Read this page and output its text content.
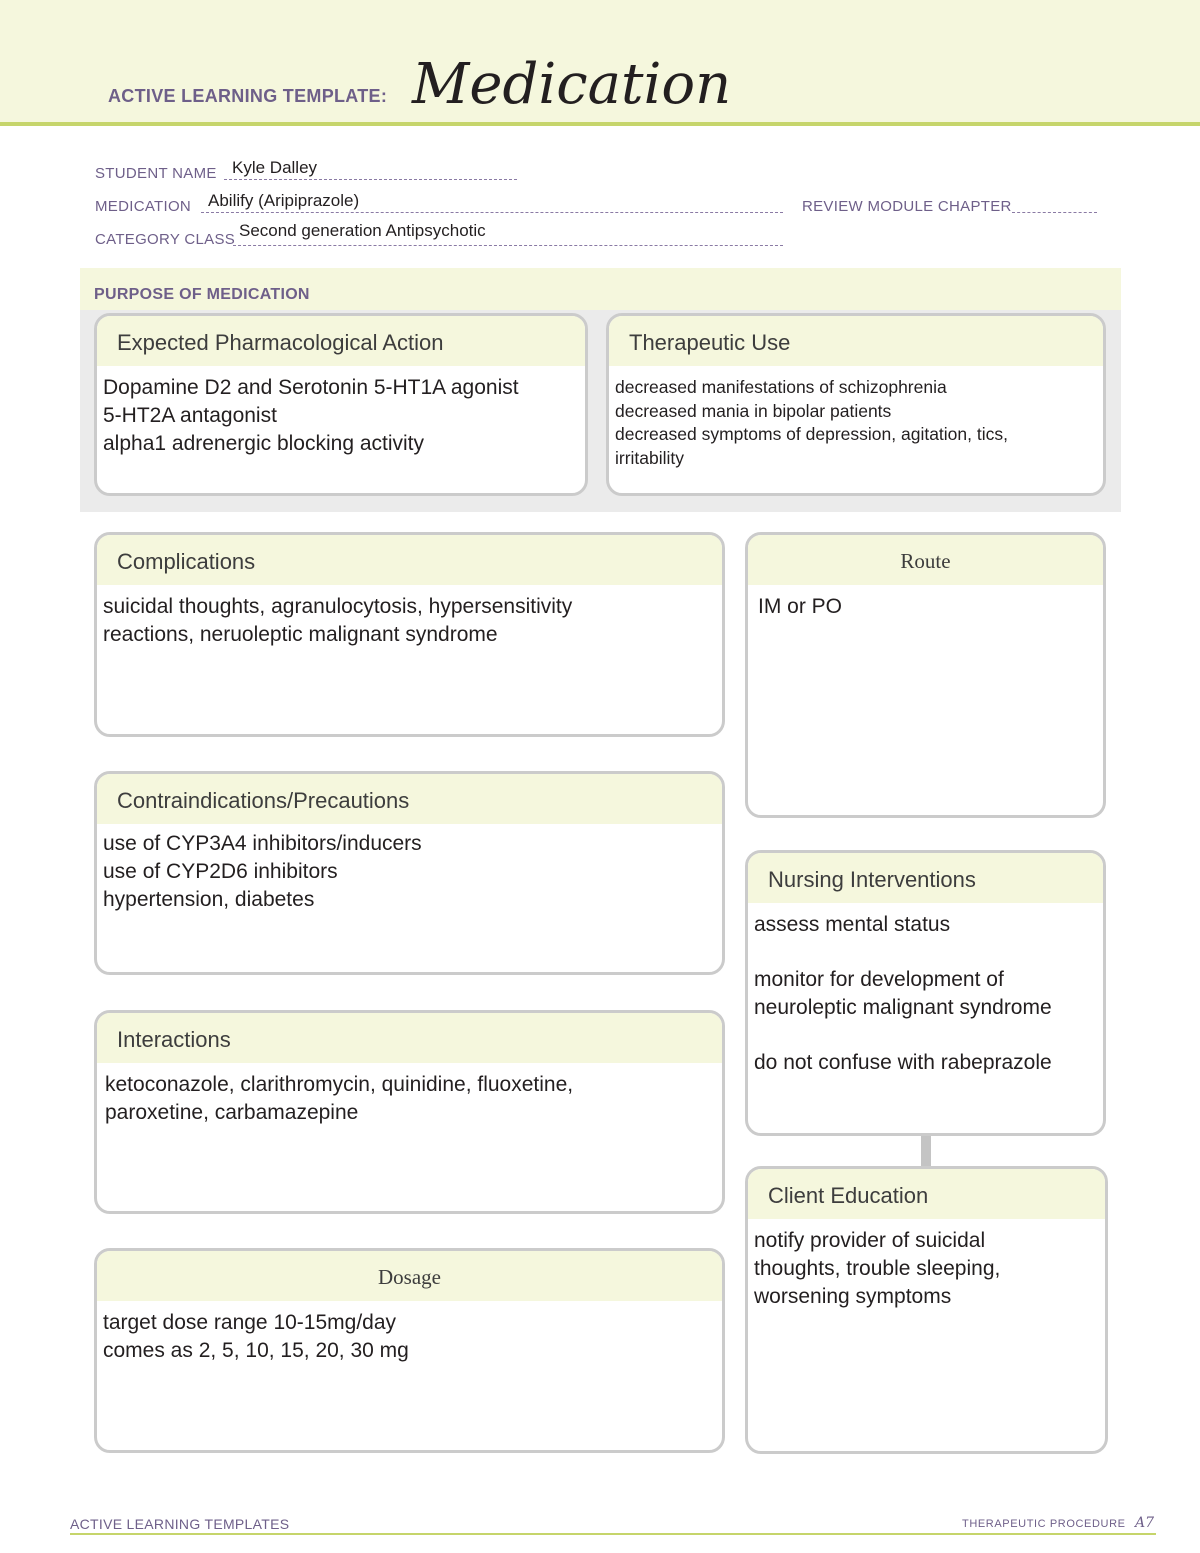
ACTIVE LEARNING TEMPLATE: Medication
STUDENT NAME Kyle Dalley
MEDICATION Abilify (Aripiprazole)	REVIEW MODULE CHAPTER
CATEGORY CLASS Second generation Antipsychotic
PURPOSE OF MEDICATION
Expected Pharmacological Action
Dopamine D2 and Serotonin 5-HT1A agonist
5-HT2A antagonist
alpha1 adrenergic blocking activity
Therapeutic Use
decreased manifestations of schizophrenia
decreased mania in bipolar patients
decreased symptoms of depression, agitation, tics,
irritability
Complications
suicidal thoughts, agranulocytosis, hypersensitivity
reactions, neruoleptic malignant syndrome
Route
IM or PO
Contraindications/Precautions
use of CYP3A4 inhibitors/inducers
use of CYP2D6 inhibitors
hypertension, diabetes
Nursing Interventions
assess mental status
monitor for development of neuroleptic malignant syndrome
do not confuse with rabeprazole
Interactions
ketoconazole, clarithromycin, quinidine, fluoxetine,
paroxetine, carbamazepine
Client Education
notify provider of suicidal thoughts, trouble sleeping, worsening symptoms
Dosage
target dose range 10-15mg/day
comes as 2, 5, 10, 15, 20, 30 mg
ACTIVE LEARNING TEMPLATES	THERAPEUTIC PROCEDURE A7
